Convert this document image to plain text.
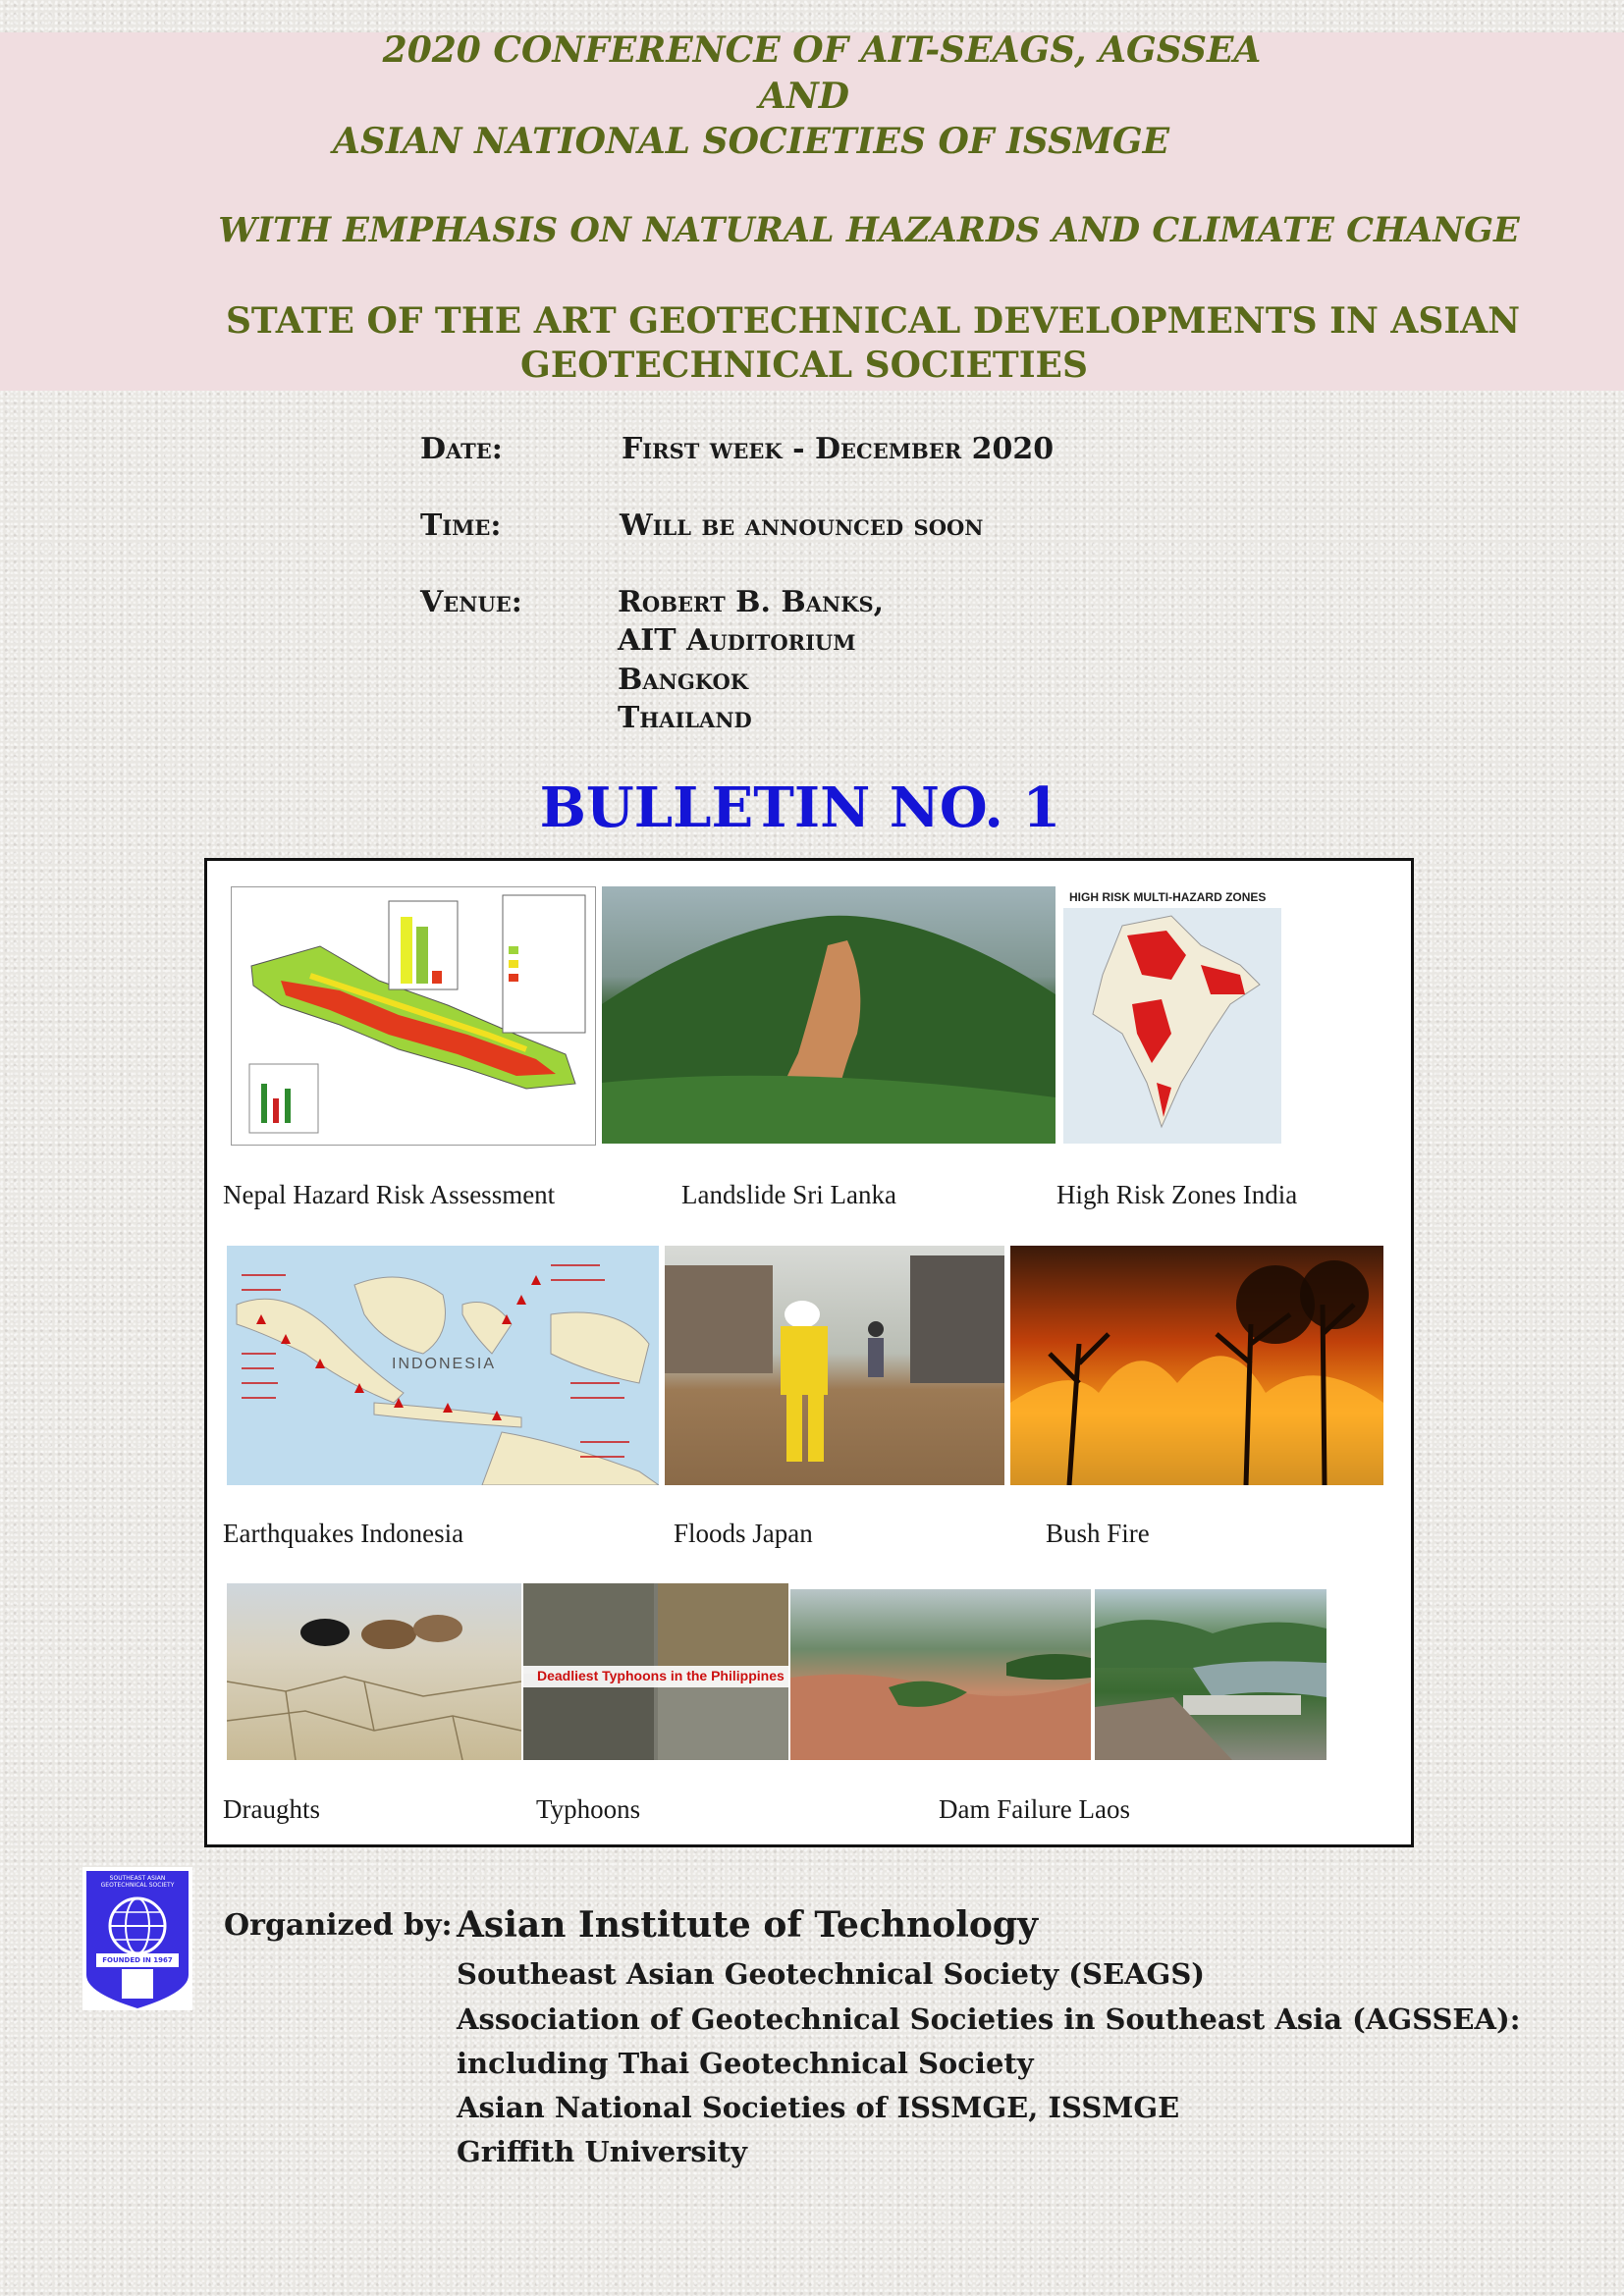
2020 CONFERENCE OF AIT-SEAGS, AGSSEA
AND
ASIAN NATIONAL SOCIETIES OF ISSMGE
WITH EMPHASIS ON NATURAL HAZARDS AND CLIMATE CHANGE
STATE OF THE ART GEOTECHNICAL DEVELOPMENTS IN ASIAN
GEOTECHNICAL SOCIETIES
Date:	First week - December 2020
Time:	Will be announced soon
Venue:	Robert B. Banks,
AIT Auditorium
Bangkok
Thailand
BULLETIN NO. 1
HIGH RISK MULTI-HAZARD ZONES
Nepal Hazard Risk Assessment	Landslide Sri Lanka	High Risk Zones India
INDONESIA
Earthquakes Indonesia	Floods Japan	Bush Fire
Deadliest Typhoons in the Philippines
Draughts	Typhoons	Dam Failure Laos
SOUTHEAST ASIAN GEOTECHNICAL SOCIETY
FOUNDED IN 1967
Organized by: Asian Institute of Technology
Southeast Asian Geotechnical Society (SEAGS)
Association of Geotechnical Societies in Southeast Asia (AGSSEA):
including Thai Geotechnical Society
Asian National Societies of ISSMGE, ISSMGE
Griffith University
